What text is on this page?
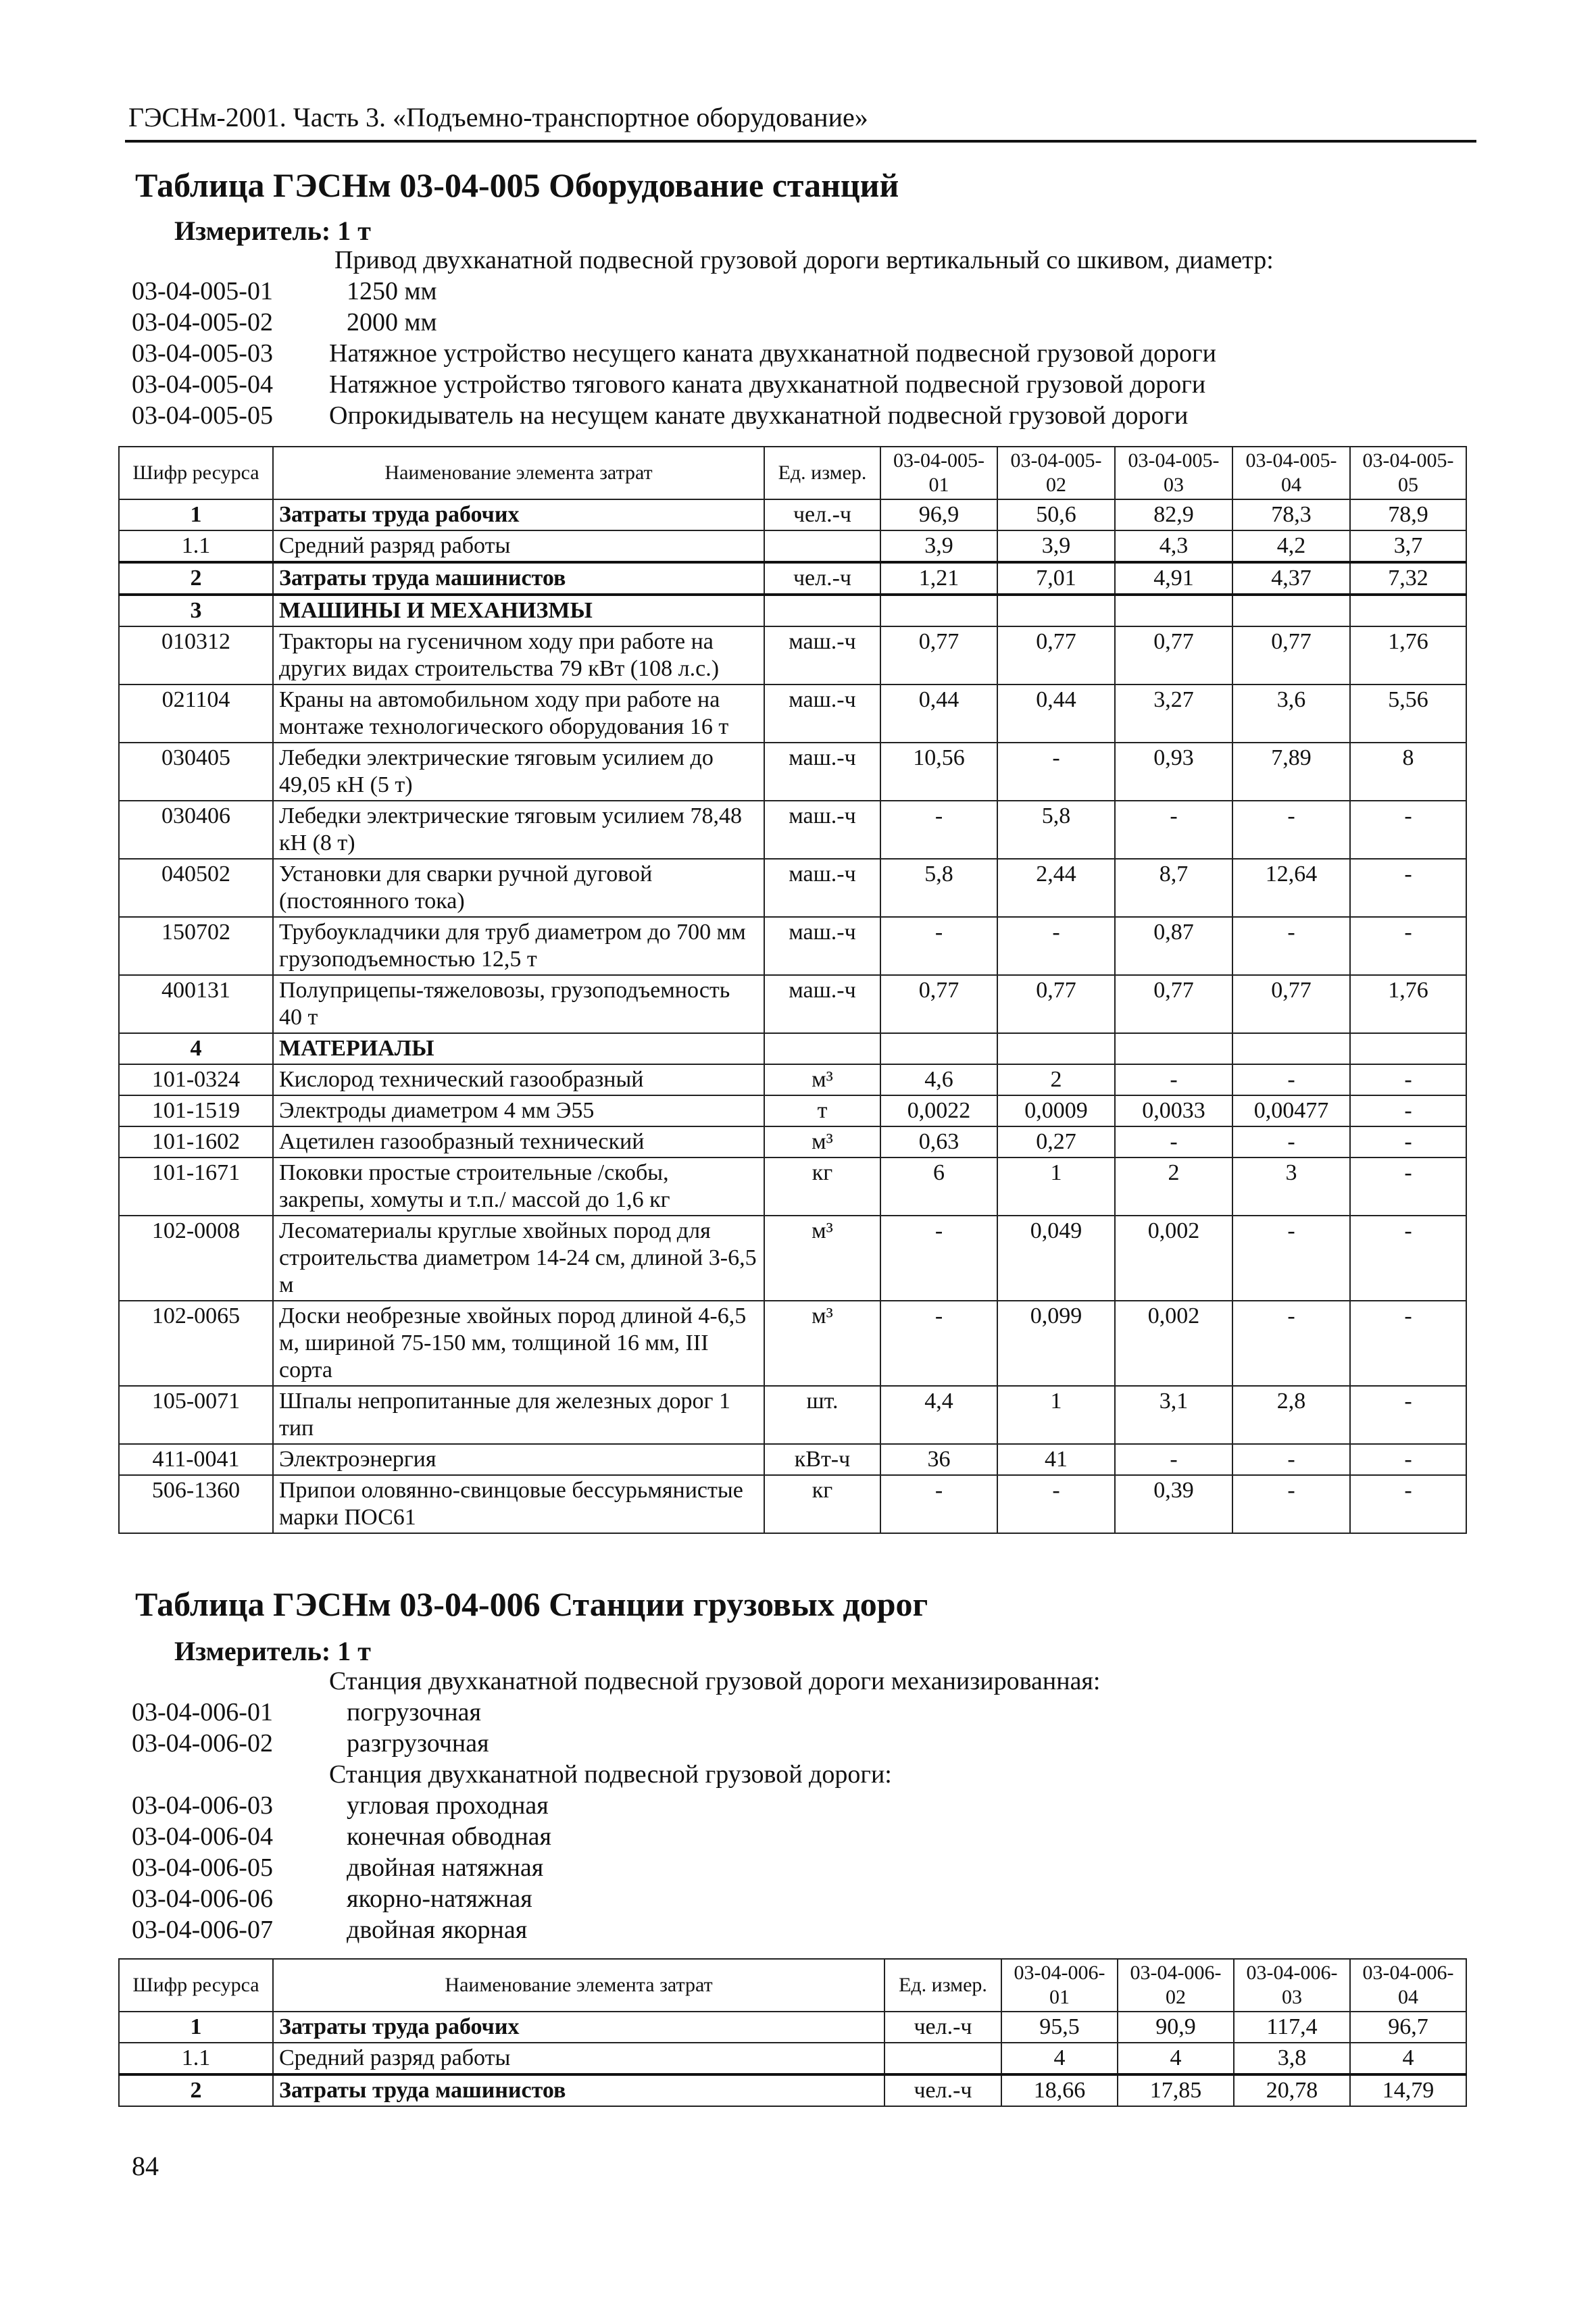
ГЭСНм-2001. Часть 3. «Подъемно-транспортное оборудование»
Таблица ГЭСНм 03-04-005 Оборудование станций
Измеритель: 1 т
Привод двухканатной подвесной грузовой дороги вертикальный со шкивом, диаметр:
03-04-005-01	1250 мм
03-04-005-02	2000 мм
03-04-005-03 Натяжное устройство несущего каната двухканатной подвесной грузовой дороги
03-04-005-04 Натяжное устройство тягового каната двухканатной подвесной грузовой дороги
03-04-005-05 Опрокидыватель на несущем канате двухканатной подвесной грузовой дороги
Шифр ресурса	Наименование элемента затрат	Ед. измер.	03-04-005-01	03-04-005-02	03-04-005-03	03-04-005-04	03-04-005-05
1	Затраты труда рабочих	чел.-ч	96,9	50,6	82,9	78,3	78,9
1.1	Средний разряд работы		3,9	3,9	4,3	4,2	3,7
2	Затраты труда машинистов	чел.-ч	1,21	7,01	4,91	4,37	7,32
3	МАШИНЫ И МЕХАНИЗМЫ						
010312	Тракторы на гусеничном ходу при работе на других видах строительства 79 кВт (108 л.с.)	маш.-ч	0,77	0,77	0,77	0,77	1,76
021104	Краны на автомобильном ходу при работе на монтаже технологического оборудования 16 т	маш.-ч	0,44	0,44	3,27	3,6	5,56
030405	Лебедки электрические тяговым усилием до 49,05 кН (5 т)	маш.-ч	10,56	-	0,93	7,89	8
030406	Лебедки электрические тяговым усилием 78,48 кН (8 т)	маш.-ч	-	5,8	-	-	-
040502	Установки для сварки ручной дуговой (постоянного тока)	маш.-ч	5,8	2,44	8,7	12,64	-
150702	Трубоукладчики для труб диаметром до 700 мм грузоподъемностью 12,5 т	маш.-ч	-	-	0,87	-	-
400131	Полуприцепы-тяжеловозы, грузоподъемность 40 т	маш.-ч	0,77	0,77	0,77	0,77	1,76
4	МАТЕРИАЛЫ						
101-0324	Кислород технический газообразный	м³	4,6	2	-	-	-
101-1519	Электроды диаметром 4 мм Э55	т	0,0022	0,0009	0,0033	0,00477	-
101-1602	Ацетилен газообразный технический	м³	0,63	0,27	-	-	-
101-1671	Поковки простые строительные /скобы, закрепы, хомуты и т.п./ массой до 1,6 кг	кг	6	1	2	3	-
102-0008	Лесоматериалы круглые хвойных пород для строительства диаметром 14-24 см, длиной 3-6,5 м	м³	-	0,049	0,002	-	-
102-0065	Доски необрезные хвойных пород длиной 4-6,5 м, шириной 75-150 мм, толщиной 16 мм, III сорта	м³	-	0,099	0,002	-	-
105-0071	Шпалы непропитанные для железных дорог 1 тип	шт.	4,4	1	3,1	2,8	-
411-0041	Электроэнергия	кВт-ч	36	41	-	-	-
506-1360	Припои оловянно-свинцовые бессурьмянистые марки ПОС61	кг	-	-	0,39	-	-
Таблица ГЭСНм 03-04-006 Станции грузовых дорог
Измеритель: 1 т
Станция двухканатной подвесной грузовой дороги механизированная:
03-04-006-01	погрузочная
03-04-006-02	разгрузочная
Станция двухканатной подвесной грузовой дороги:
03-04-006-03	угловая проходная
03-04-006-04	конечная обводная
03-04-006-05	двойная натяжная
03-04-006-06	якорно-натяжная
03-04-006-07	двойная якорная
Шифр ресурса	Наименование элемента затрат	Ед. измер.	03-04-006-01	03-04-006-02	03-04-006-03	03-04-006-04
1	Затраты труда рабочих	чел.-ч	95,5	90,9	117,4	96,7
1.1	Средний разряд работы		4	4	3,8	4
2	Затраты труда машинистов	чел.-ч	18,66	17,85	20,78	14,79
84
